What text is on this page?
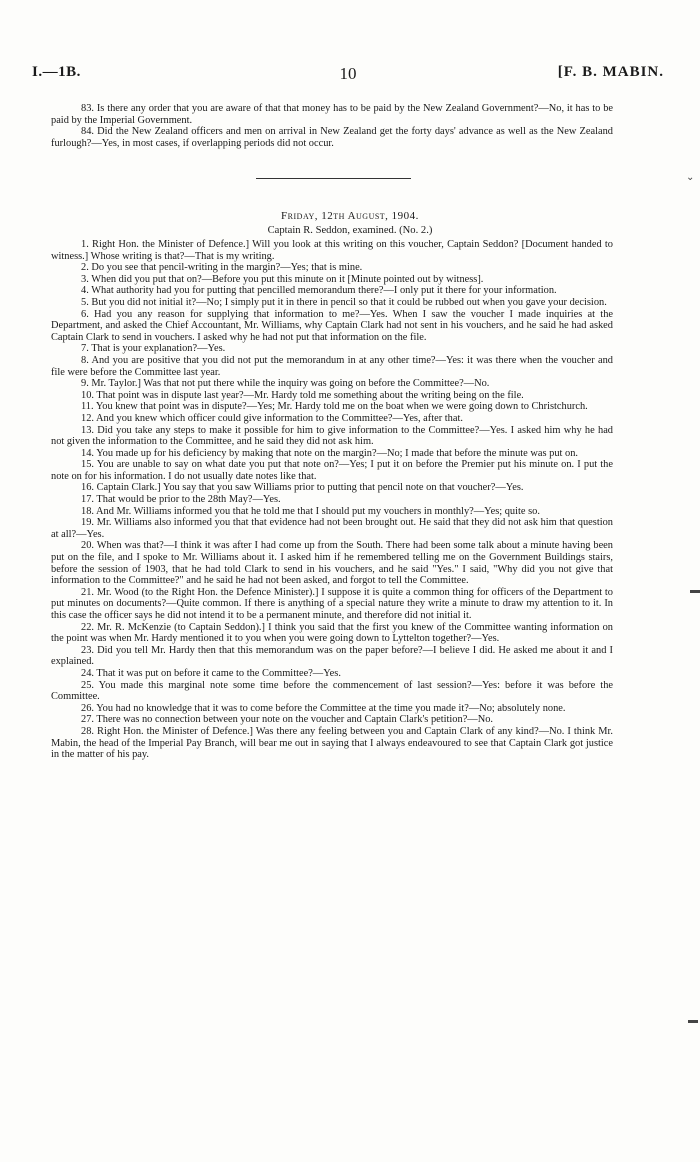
I.—1B.	10	[F. B. MABIN.

83. Is there any order that you are aware of that that money has to be paid by the New Zealand Government?—No, it has to be paid by the Imperial Government.

84. Did the New Zealand officers and men on arrival in New Zealand get the forty days' advance as well as the New Zealand furlough?—Yes, in most cases, if overlapping periods did not occur.

Friday, 12th August, 1904.
Captain R. Seddon, examined. (No. 2.)

1. Right Hon. the Minister of Defence.] Will you look at this writing on this voucher, Captain Seddon? [Document handed to witness.] Whose writing is that?—That is my writing.

2. Do you see that pencil-writing in the margin?—Yes; that is mine.

3. When did you put that on?—Before you put this minute on it [Minute pointed out by witness].

4. What authority had you for putting that pencilled memorandum there?—I only put it there for your information.

5. But you did not initial it?—No; I simply put it in there in pencil so that it could be rubbed out when you gave your decision.

6. Had you any reason for supplying that information to me?—Yes. When I saw the voucher I made inquiries at the Department, and asked the Chief Accountant, Mr. Williams, why Captain Clark had not sent in his vouchers, and he said he had asked Captain Clark to send in vouchers. I asked why he had not put that information on the file.

7. That is your explanation?—Yes.

8. And you are positive that you did not put the memorandum in at any other time?—Yes: it was there when the voucher and file were before the Committee last year.

9. Mr. Taylor.] Was that not put there while the inquiry was going on before the Committee?—No.

10. That point was in dispute last year?—Mr. Hardy told me something about the writing being on the file.

11. You knew that point was in dispute?—Yes; Mr. Hardy told me on the boat when we were going down to Christchurch.

12. And you knew which officer could give information to the Committee?—Yes, after that.

13. Did you take any steps to make it possible for him to give information to the Committee?—Yes. I asked him why he had not given the information to the Committee, and he said they did not ask him.

14. You made up for his deficiency by making that note on the margin?—No; I made that before the minute was put on.

15. You are unable to say on what date you put that note on?—Yes; I put it on before the Premier put his minute on. I put the note on for his information. I do not usually date notes like that.

16. Captain Clark.] You say that you saw Williams prior to putting that pencil note on that voucher?—Yes.

17. That would be prior to the 28th May?—Yes.

18. And Mr. Williams informed you that he told me that I should put my vouchers in monthly?—Yes; quite so.

19. Mr. Williams also informed you that that evidence had not been brought out. He said that they did not ask him that question at all?—Yes.

20. When was that?—I think it was after I had come up from the South. There had been some talk about a minute having been put on the file, and I spoke to Mr. Williams about it. I asked him if he remembered telling me on the Government Buildings stairs, before the session of 1903, that he had told Clark to send in his vouchers, and he said "Yes." I said, "Why did you not give that information to the Committee?" and he said he had not been asked, and forgot to tell the Committee.

21. Mr. Wood (to the Right Hon. the Defence Minister).] I suppose it is quite a common thing for officers of the Department to put minutes on documents?—Quite common. If there is anything of a special nature they write a minute to draw my attention to it. In this case the officer says he did not intend it to be a permanent minute, and therefore did not initial it.

22. Mr. R. McKenzie (to Captain Seddon).] I think you said that the first you knew of the Committee wanting information on the point was when Mr. Hardy mentioned it to you when you were going down to Lyttelton together?—Yes.

23. Did you tell Mr. Hardy then that this memorandum was on the paper before?—I believe I did. He asked me about it and I explained.

24. That it was put on before it came to the Committee?—Yes.

25. You made this marginal note some time before the commencement of last session?—Yes: before it was before the Committee.

26. You had no knowledge that it was to come before the Committee at the time you made it?—No; absolutely none.

27. There was no connection between your note on the voucher and Captain Clark's petition?—No.

28. Right Hon. the Minister of Defence.] Was there any feeling between you and Captain Clark of any kind?—No. I think Mr. Mabin, the head of the Imperial Pay Branch, will bear me out in saying that I always endeavoured to see that Captain Clark got justice in the matter of his pay.

⌄
▬
▬
